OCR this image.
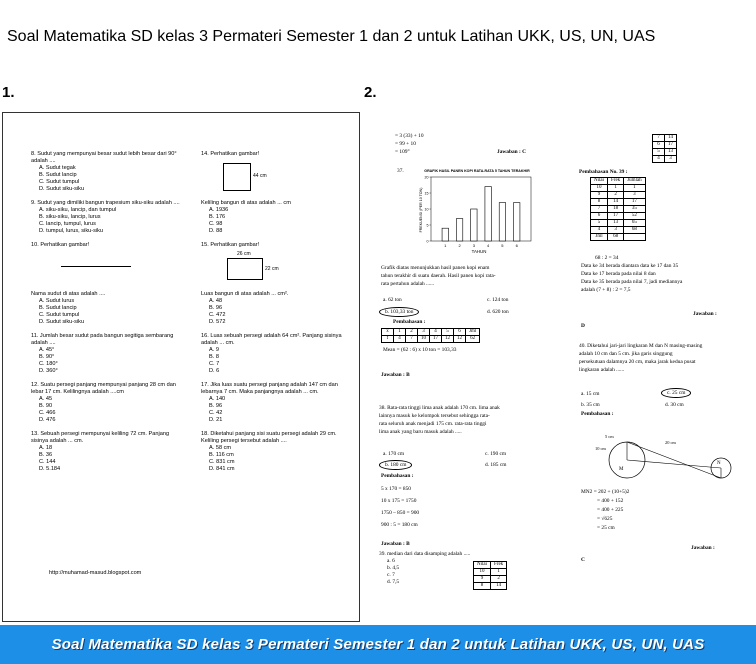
Soal Matematika SD kelas 3 Permateri Semester 1 dan 2 untuk Latihan UKK, US, UN, UAS
1.	2.
8. Sudut yang mempunyai besar sudut lebih besar dari 90° adalah ....
A. Sudut tegak
B. Sudut lancip
C. Sudut tumpul
D. Sudut siku-siku
9. Sudut yang dimiliki bangun trapesium siku-siku adalah ....
A. siku-siku, lancip, dan tumpul
B. siku-siku, lancip, lurus
C. lancip, tumpul, lurus
D. tumpul, lurus, siku-siku
10. Perhatikan gambar!
Nama sudut di atas adalah ....
A. Sudut lurus
B. Sudut lancip
C. Sudut tumpul
D. Sudut siku-siku
11. Jumlah besar sudut pada bangun segitiga sembarang adalah ....
A. 45°
B. 90°
C. 180°
D. 360°
12. Suatu persegi panjang mempunyai panjang 28 cm dan lebar 17 cm. Kelilingnya adalah ....cm
A. 45
B. 90
C. 466
D. 476
13. Sebuah persegi mempunyai keliling 72 cm. Panjang sisinya adalah ... cm.
A. 18
B. 36
C. 144
D. 5.184
14. Perhatikan gambar!
44 cm
Keliling bangun di atas adalah ... cm
A. 1936
B. 176
C. 98
D. 88
15. Perhatikan gambar!
26 cm
22 cm
Luas bangun di atas adalah ... cm².
A. 48
B. 96
C. 472
D. 572
16. Luas sebuah persegi adalah 64 cm². Panjang sisinya adalah ... cm.
A. 9
B. 8
C. 7
D. 6
17. Jika luas suatu persegi panjang adalah 147 cm dan lebarnya 7 cm. Maka panjangnya adalah ... cm.
A. 140
B. 96
C. 42
D. 21
18. Diketahui panjang sisi suatu persegi adalah 29 cm. Keliling persegi tersebut adalah ....
A. 58 cm
B. 116 cm
C. 831 cm
D. 841 cm
http://muhamad-masud.blogspot.com
= 3 (33) + 10
= 99 + 10
= 109°	Jawaban : C
37.	GRAFIK HASIL PANEN KOPI RATA-RATA 5 TAHUN TERAKHIR
FREKUENSI (PER 10 TON)
TAHUN
0
5
10
15
20
1	2	3	4	5	6
Grafik diatas menunjukkan hasil panen kopi enam
tahun terakhir di suatu daerah. Hasil panen kopi rata-
rata pertahun adalah ......
a. 62 ton	c. 124 ton
b. 103,33 ton	d. 620 ton
Pembahasan :
x	1	2	3	4	5	6	Jml
f	4	7	10	17	12	12	62
Mean = (62 : 6) x 10 ton = 103,33
Jawaban : B
38. Rata-rata tinggi lima anak adalah 170 cm. lima anak
lainnya masuk ke kelompok tersebut sehingga rata-
rata seluruh anak menjadi 175 cm. rata-rata tinggi
lima anak yang baru masuk adalah .....
a. 170 cm	c. 190 cm
b. 180 cm	d. 185 cm
Pembahasan :
5 x 170 = 850
10 x 175 = 1750
1750 – 850 = 900
900 : 5 = 180 cm
Jawaban : B
39. median dari data disamping adalah .....
a. 6
b. 4,5
c. 7
d. 7,5
Nilai	Frek
10	1
9	2
8	14
7	14
6	17
5	13
4	3
Pembahasan No. 39 :
Nilai	Frek	Jumlah
10	1	1
9	2	3
8	14	17
7	18	35
6	17	52
5	13	65
4	3	68
Jml	68	
68 : 2 = 34
Data ke 34 berada diantara data ke 17 dan 35
Data ke 17 berada pada nilai 8 dan
Data ke 35 berada pada nilai 7, jadi mediannya
adalah (7 + 8) : 2 = 7,5
Jawaban :
D
40. Diketahui jari-jari lingkaran M dan N masing-masing
adalah 10 cm dan 5 cm. jika garis singgung
persekutuan dalamnya 20 cm, maka jarak kedua pusat
lingkaran adalah ......
a. 15 cm	c. 25 cm
b. 35 cm	d. 30 cm
Pembahasan :
5 cm
20 cm
10 cm
M
N
MN2 = 202 + (10+5)2
= 400 + 152
= 400 + 225
= √625
= 25 cm
Jawaban :
C
Soal Matematika SD kelas 3 Permateri Semester 1 dan 2 untuk Latihan UKK, US, UN, UAS
